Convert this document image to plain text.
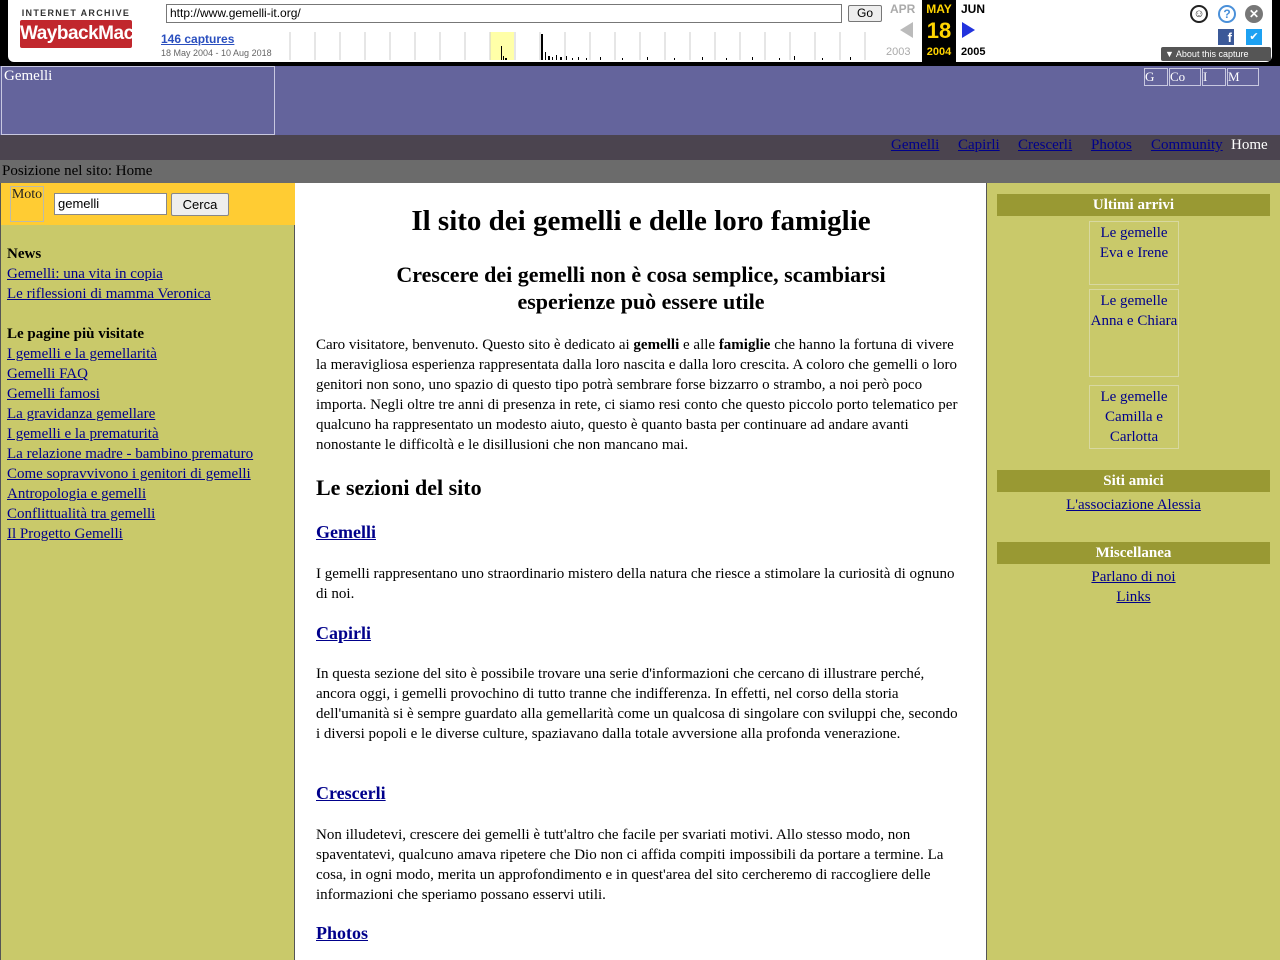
INTERNET ARCHIVE
WaybackMachine
http://www.gemelli-it.org/	Go
146 captures
18 May 2004 - 10 Aug 2018
APR	JUN
2003	2005
MAY
18
2004
☺	?	✕
f	✔
▼ About this capture
Gemelli	G	Co	I	M
Gemelli Capirli Crescerli Photos Community Home
Posizione nel sito: Home
Moto
gemelli	Cerca
News
Gemelli: una vita in copia
Le riflessioni di mamma Veronica
Le pagine più visitate
I gemelli e la gemellarità
Gemelli FAQ
Gemelli famosi
La gravidanza gemellare
I gemelli e la prematurità
La relazione madre - bambino prematuro
Come sopravvivono i genitori di gemelli
Antropologia e gemelli
Conflittualità tra gemelli
Il Progetto Gemelli
Il sito dei gemelli e delle loro famiglie
Crescere dei gemelli non è cosa semplice, scambiarsi esperienze può essere utile
Caro visitatore, benvenuto. Questo sito è dedicato ai gemelli e alle famiglie che hanno la fortuna di vivere la meravigliosa esperienza rappresentata dalla loro nascita e dalla loro crescita. A coloro che gemelli o loro genitori non sono, uno spazio di questo tipo potrà sembrare forse bizzarro o strambo, a noi però poco importa. Negli oltre tre anni di presenza in rete, ci siamo resi conto che questo piccolo porto telematico per qualcuno ha rappresentato un modesto aiuto, questo è quanto basta per continuare ad andare avanti nonostante le difficoltà e le disillusioni che non mancano mai.
Le sezioni del sito
Gemelli
I gemelli rappresentano uno straordinario mistero della natura che riesce a stimolare la curiosità di ognuno di noi.
Capirli
In questa sezione del sito è possibile trovare una serie d'informazioni che cercano di illustrare perché, ancora oggi, i gemelli provochino di tutto tranne che indifferenza. In effetti, nel corso della storia dell'umanità si è sempre guardato alla gemellarità come un qualcosa di singolare con sviluppi che, secondo i diversi popoli e le diverse culture, spaziavano dalla totale avversione alla profonda venerazione.
Crescerli
Non illudetevi, crescere dei gemelli è tutt'altro che facile per svariati motivi. Allo stesso modo, non spaventatevi, qualcuno amava ripetere che Dio non ci affida compiti impossibili da portare a termine. La cosa, in ogni modo, merita un approfondimento e in quest'area del sito cercheremo di raccogliere delle informazioni che speriamo possano esservi utili.
Photos
Ultimi arrivi
Le gemelle Eva e Irene
Le gemelle Anna e Chiara
Le gemelle Camilla e Carlotta
Siti amici
L'associazione Alessia
Miscellanea
Parlano di noi
Links
